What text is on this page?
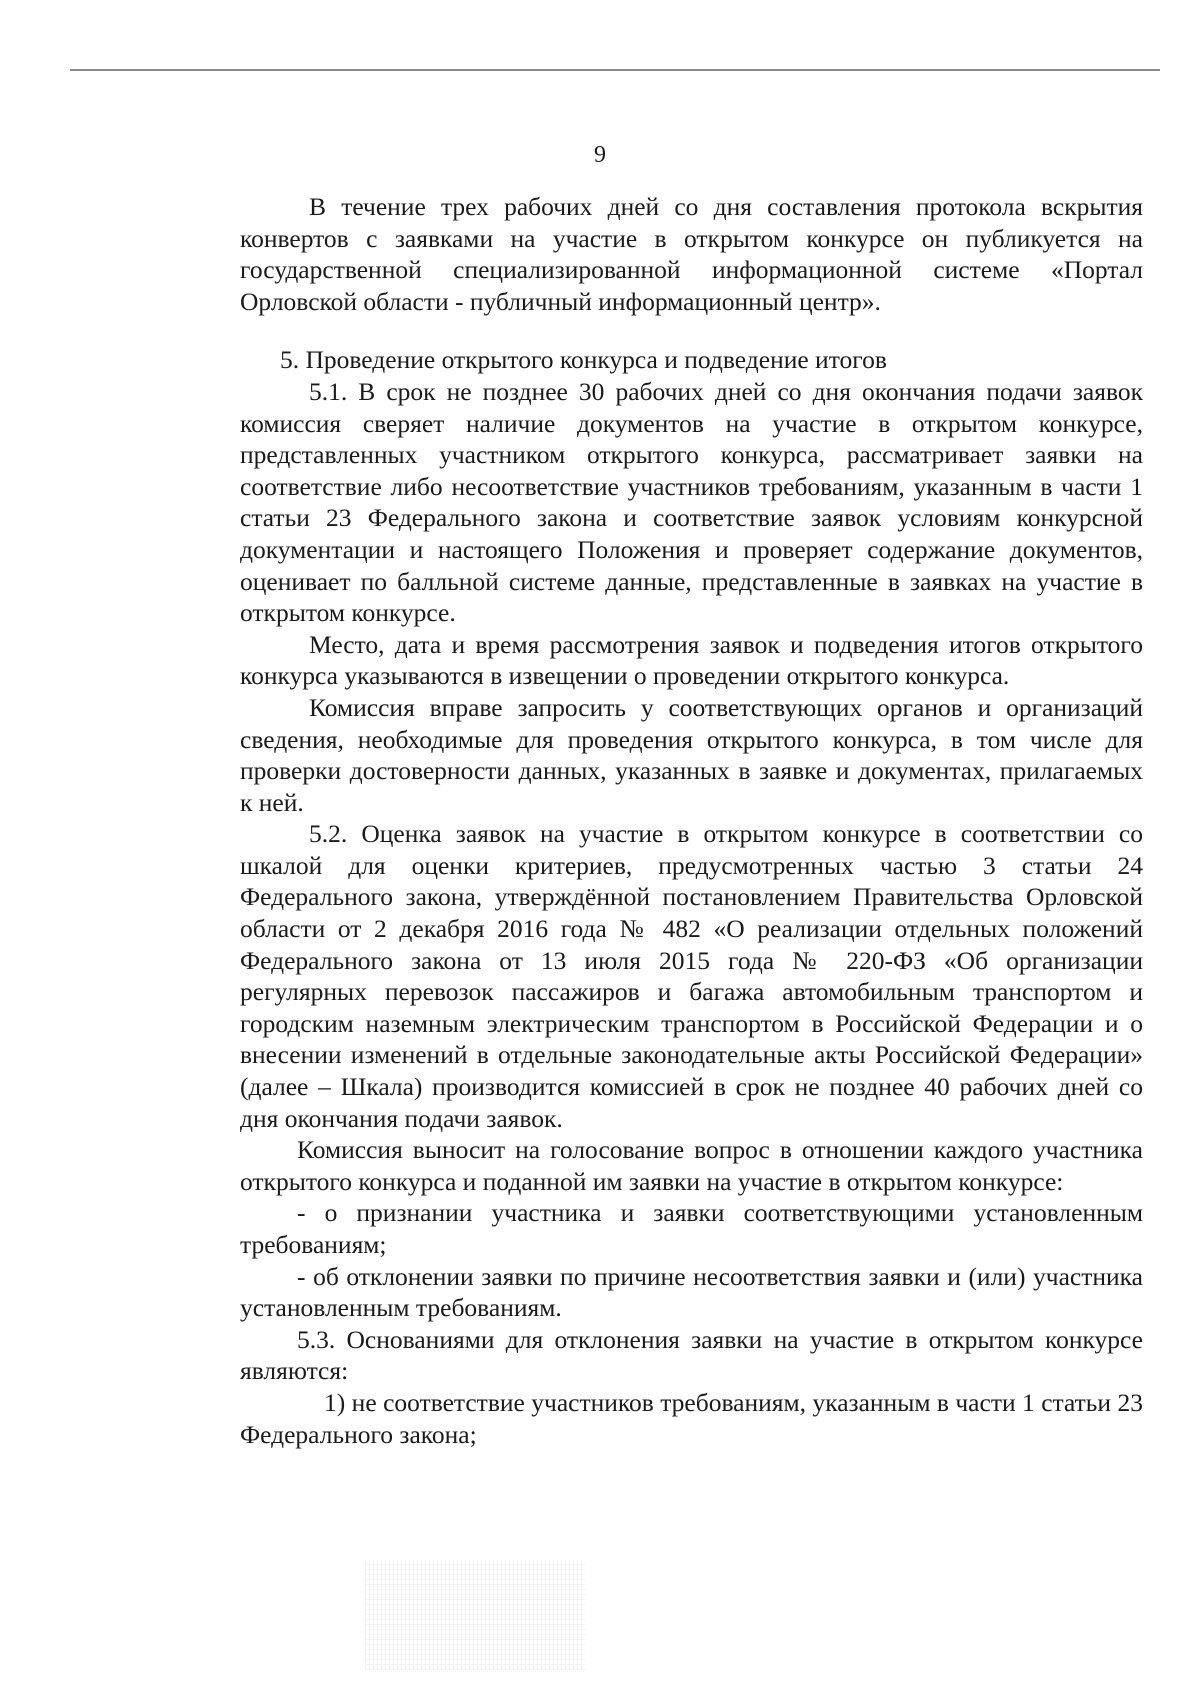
9

В течение трех рабочих дней со дня составления протокола вскрытия конвертов с заявками на участие в открытом конкурсе он публикуется на государственной специализированной информационной системе «Портал Орловской области - публичный информационный центр».

5. Проведение открытого конкурса и подведение итогов

5.1. В срок не позднее 30 рабочих дней со дня окончания подачи заявок комиссия сверяет наличие документов на участие в открытом конкурсе, представленных участником открытого конкурса, рассматривает заявки на соответствие либо несоответствие участников требованиям, указанным в части 1 статьи 23 Федерального закона и соответствие заявок условиям конкурсной документации и настоящего Положения и проверяет содержание документов, оценивает по балльной системе данные, представленные в заявках на участие в открытом конкурсе.

Место, дата и время рассмотрения заявок и подведения итогов открытого конкурса указываются в извещении о проведении открытого конкурса.

Комиссия вправе запросить у соответствующих органов и организаций сведения, необходимые для проведения открытого конкурса, в том числе для проверки достоверности данных, указанных в заявке и документах, прилагаемых к ней.

5.2. Оценка заявок на участие в открытом конкурсе в соответствии со шкалой для оценки критериев, предусмотренных частью 3 статьи 24 Федерального закона, утверждённой постановлением Правительства Орловской области от 2 декабря 2016 года № 482 «О реализации отдельных положений Федерального закона от 13 июля 2015 года № 220-ФЗ «Об организации регулярных перевозок пассажиров и багажа автомобильным транспортом и городским наземным электрическим транспортом в Российской Федерации и о внесении изменений в отдельные законодательные акты Российской Федерации» (далее – Шкала) производится комиссией в срок не позднее 40 рабочих дней со дня окончания подачи заявок.

Комиссия выносит на голосование вопрос в отношении каждого участника открытого конкурса и поданной им заявки на участие в открытом конкурсе:

- о признании участника и заявки соответствующими установленным требованиям;

- об отклонении заявки по причине несоответствия заявки и (или) участника установленным требованиям.

5.3. Основаниями для отклонения заявки на участие в открытом конкурсе являются:

1) не соответствие участников требованиям, указанным в части 1 статьи 23 Федерального закона;
